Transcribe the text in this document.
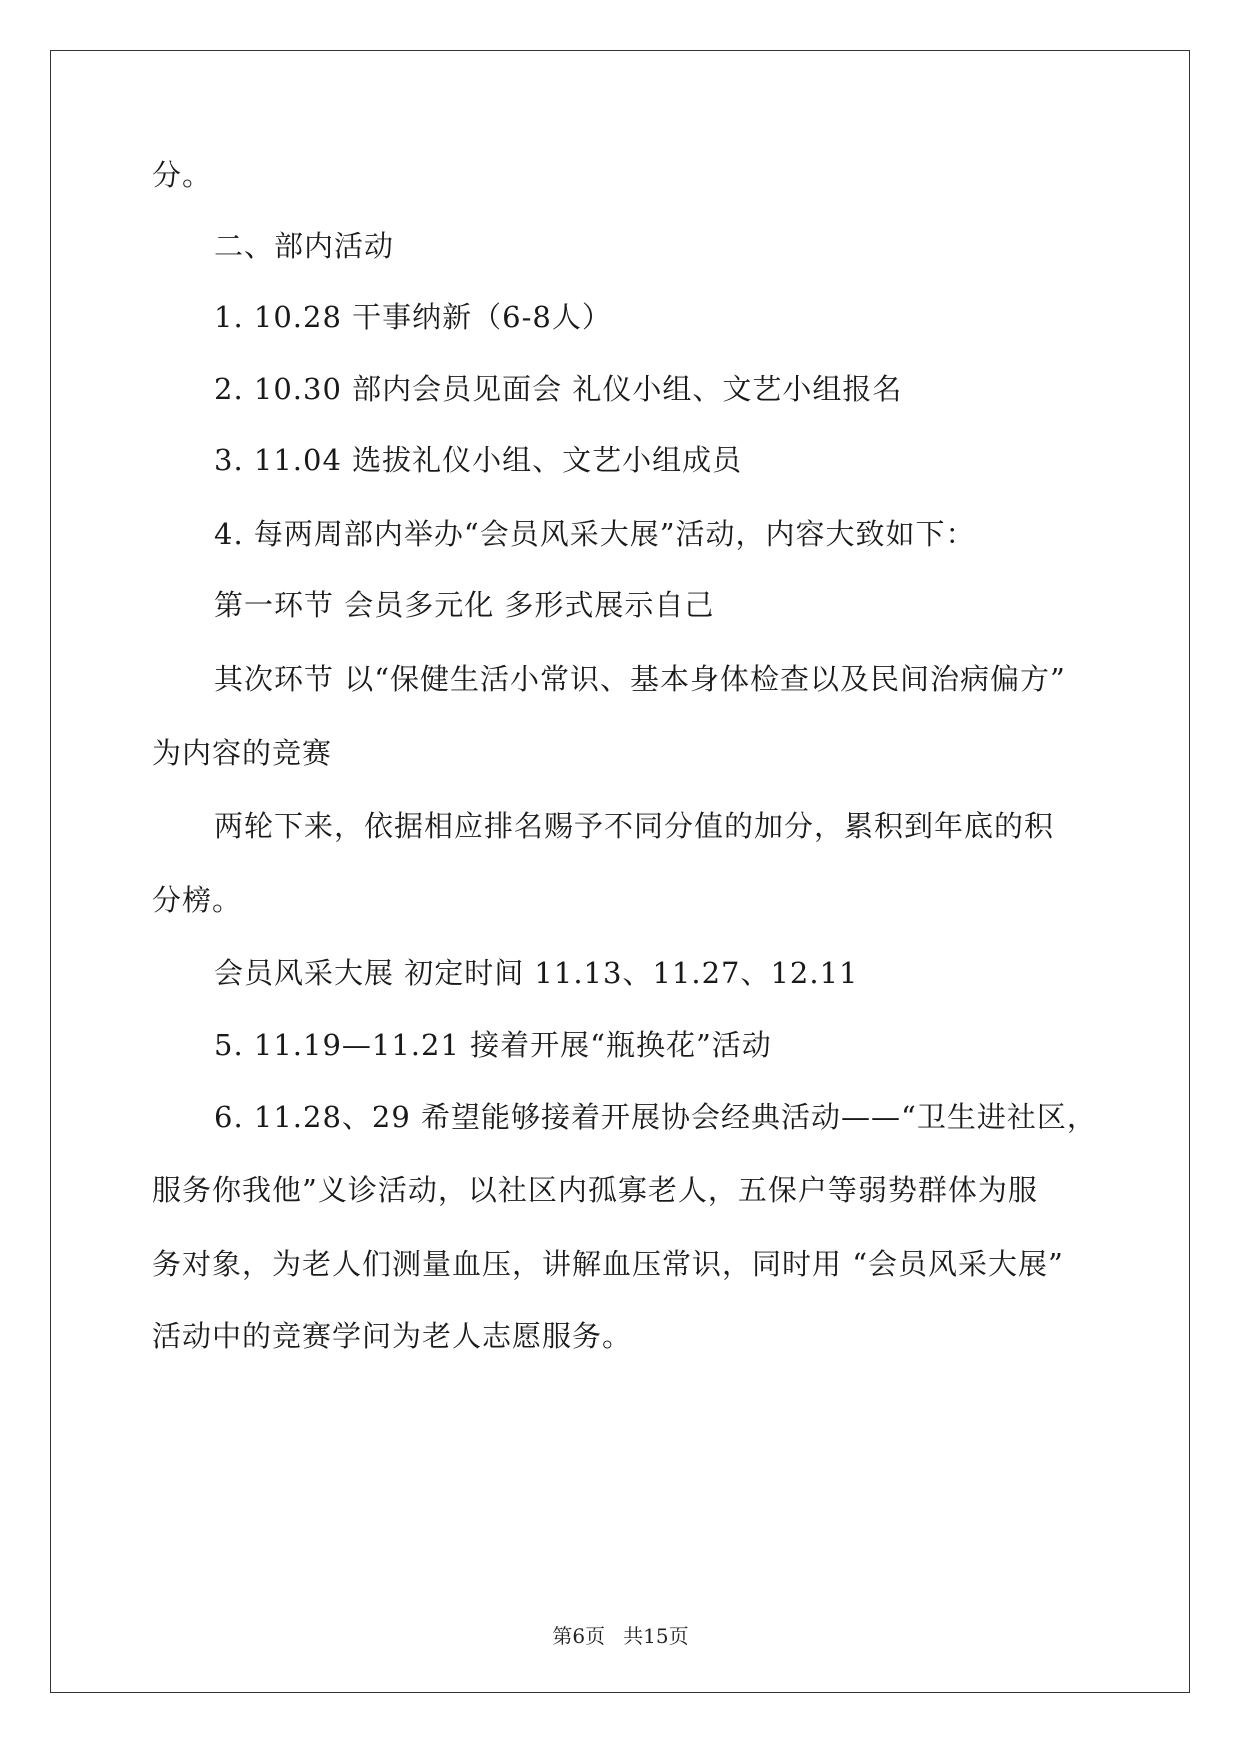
分。
二、部内活动
1. 10.28 干事纳新（6-8人）
2. 10.30 部内会员见面会 礼仪小组、文艺小组报名
3. 11.04 选拔礼仪小组、文艺小组成员
4. 每两周部内举办“会员风采大展”活动，内容大致如下：
第一环节 会员多元化 多形式展示自己
其次环节 以“保健生活小常识、基本身体检查以及民间治病偏方”
为内容的竞赛
两轮下来，依据相应排名赐予不同分值的加分，累积到年底的积
分榜。
会员风采大展 初定时间 11.13、11.27、12.11
5. 11.19—11.21 接着开展“瓶换花”活动
6. 11.28、29 希望能够接着开展协会经典活动——“卫生进社区，
服务你我他”义诊活动，以社区内孤寡老人，五保户等弱势群体为服
务对象，为老人们测量血压，讲解血压常识，同时用 “会员风采大展”
活动中的竞赛学问为老人志愿服务。
第6页 共15页
